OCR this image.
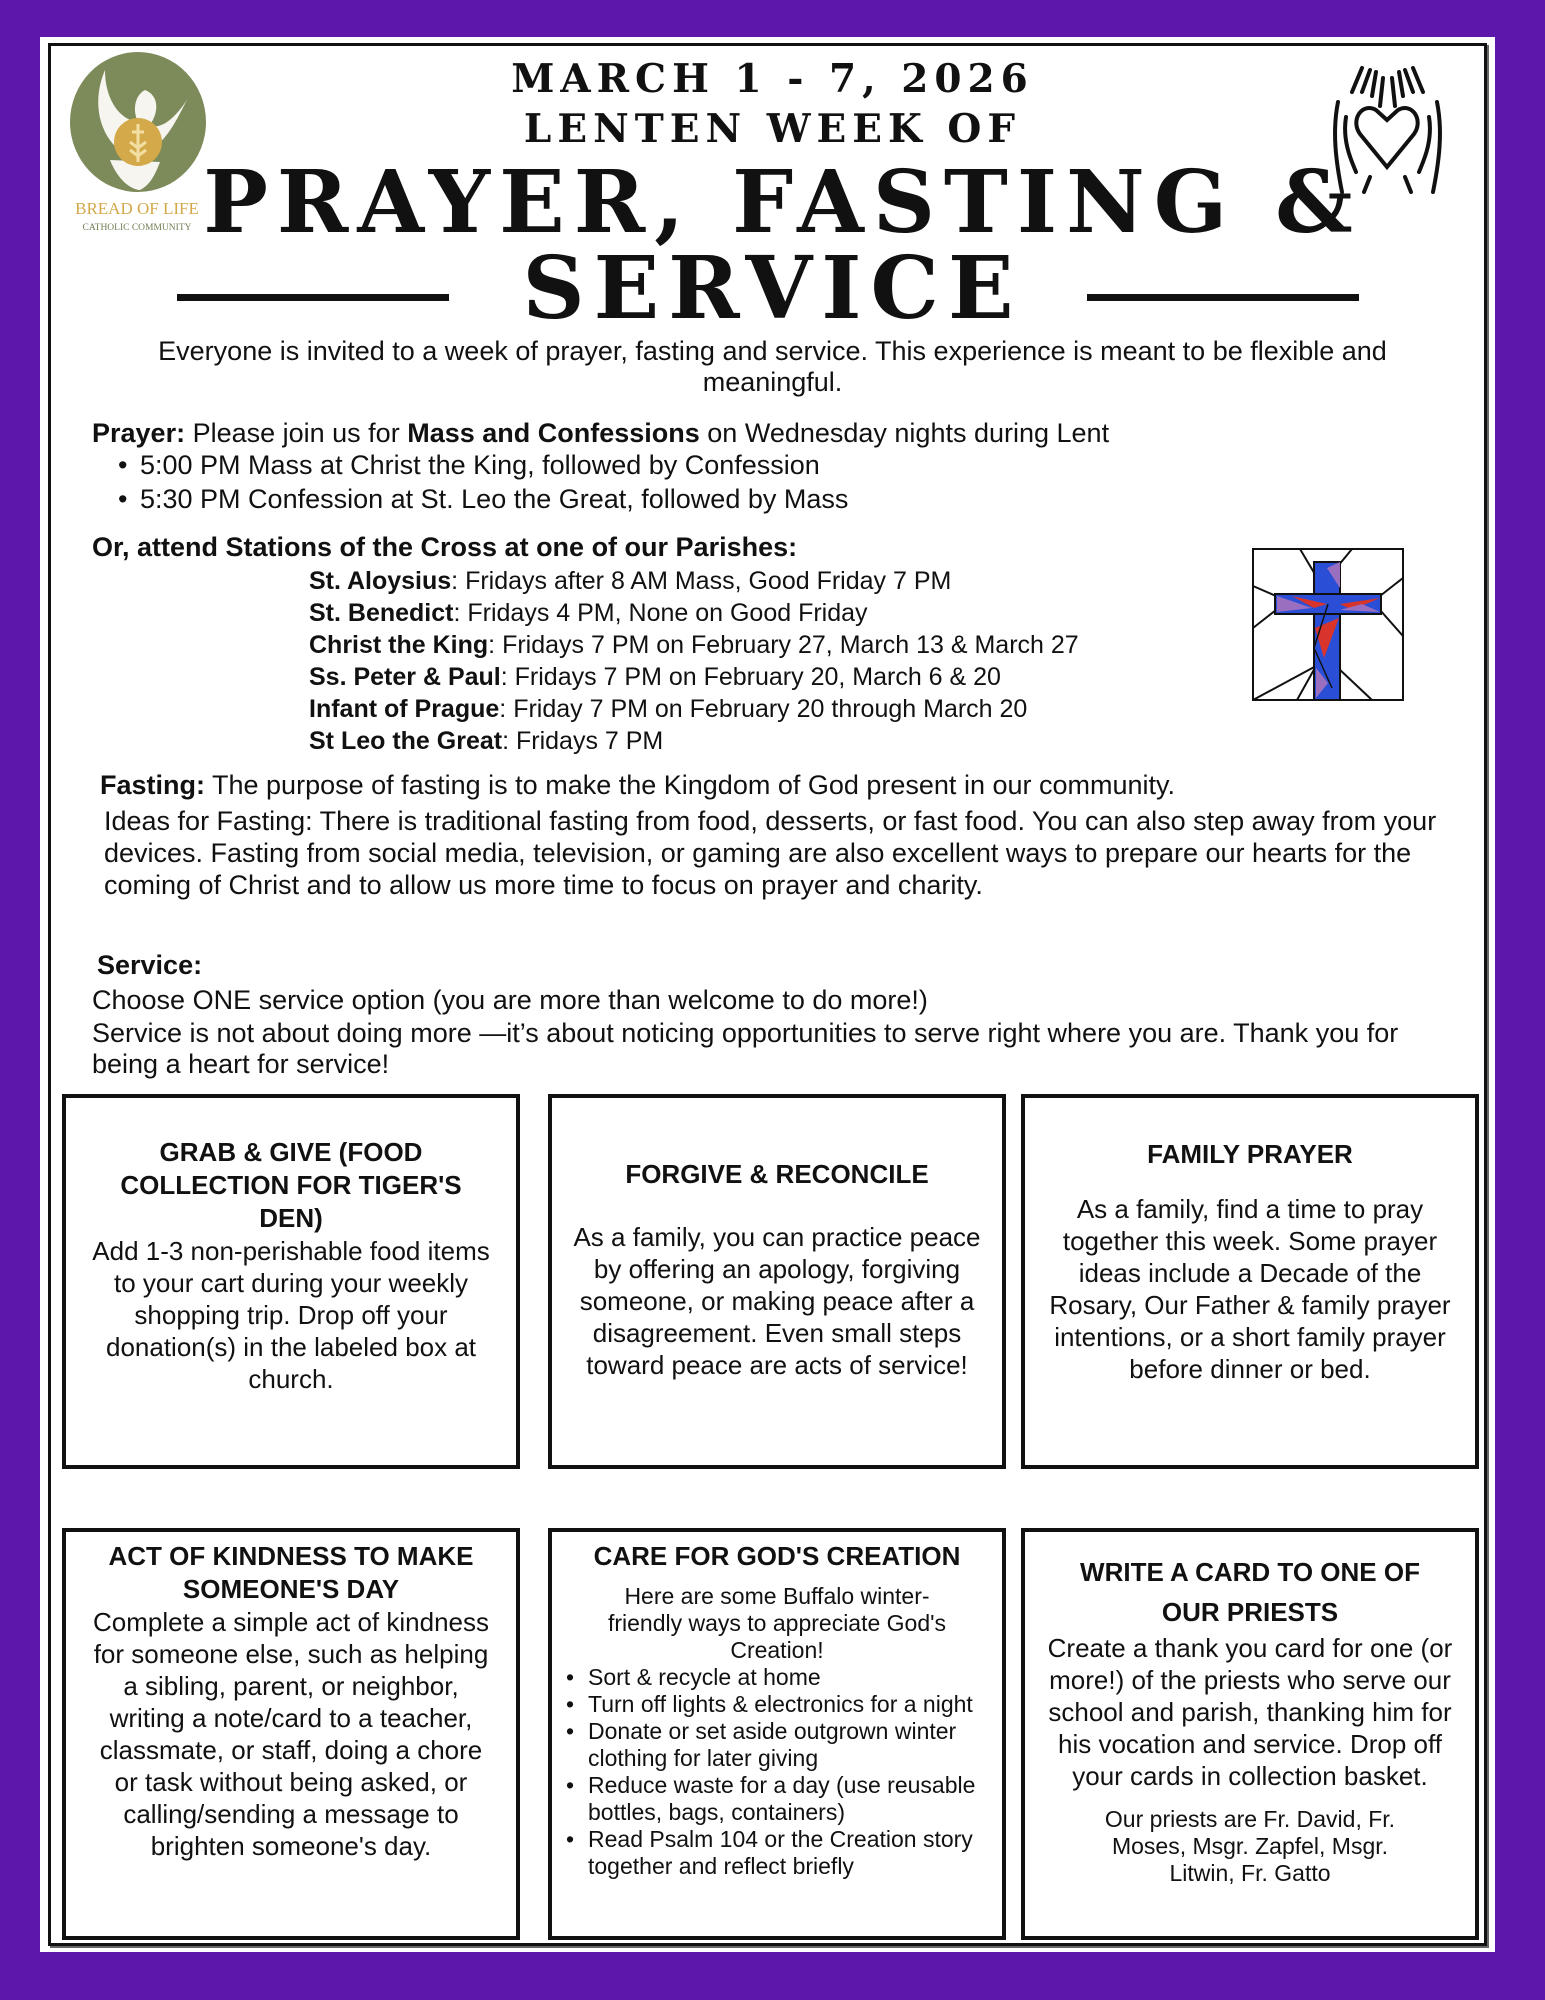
BREAD OF LIFE
CATHOLIC COMMUNITY
MARCH 1 - 7, 2026
LENTEN WEEK OF
PRAYER, FASTING &
SERVICE
Everyone is invited to a week of prayer, fasting and service. This experience is meant to be flexible and meaningful.
Prayer: Please join us for Mass and Confessions on Wednesday nights during Lent
• 5:00 PM Mass at Christ the King, followed by Confession
• 5:30 PM Confession at St. Leo the Great, followed by Mass
Or, attend Stations of the Cross at one of our Parishes:
St. Aloysius: Fridays after 8 AM Mass, Good Friday 7 PM
St. Benedict: Fridays 4 PM, None on Good Friday
Christ the King: Fridays 7 PM on February 27, March 13 & March 27
Ss. Peter & Paul: Fridays 7 PM on February 20, March 6 & 20
Infant of Prague: Friday 7 PM on February 20 through March 20
St Leo the Great: Fridays 7 PM
Fasting: The purpose of fasting is to make the Kingdom of God present in our community.
Ideas for Fasting: There is traditional fasting from food, desserts, or fast food. You can also step away from your devices. Fasting from social media, television, or gaming are also excellent ways to prepare our hearts for the coming of Christ and to allow us more time to focus on prayer and charity.
Service:
Choose ONE service option (you are more than welcome to do more!)
Service is not about doing more —it’s about noticing opportunities to serve right where you are. Thank you for being a heart for service!
GRAB & GIVE (FOOD COLLECTION FOR TIGER'S DEN)

Add 1-3 non-perishable food items to your cart during your weekly shopping trip. Drop off your donation(s) in the labeled box at church.

FORGIVE & RECONCILE

As a family, you can practice peace by offering an apology, forgiving someone, or making peace after a disagreement. Even small steps toward peace are acts of service!

FAMILY PRAYER

As a family, find a time to pray together this week. Some prayer ideas include a Decade of the Rosary, Our Father & family prayer intentions, or a short family prayer before dinner or bed.

ACT OF KINDNESS TO MAKE SOMEONE'S DAY

Complete a simple act of kindness for someone else, such as helping a sibling, parent, or neighbor, writing a note/card to a teacher, classmate, or staff, doing a chore or task without being asked, or calling/sending a message to brighten someone's day.

CARE FOR GOD'S CREATION

Here are some Buffalo winter-friendly ways to appreciate God's Creation!

• Sort & recycle at home
• Turn off lights & electronics for a night
• Donate or set aside outgrown winter clothing for later giving
• Reduce waste for a day (use reusable bottles, bags, containers)
• Read Psalm 104 or the Creation story together and reflect briefly
WRITE A CARD TO ONE OF OUR PRIESTS

Create a thank you card for one (or more!) of the priests who serve our school and parish, thanking him for his vocation and service. Drop off your cards in collection basket.

Our priests are Fr. David, Fr. Moses, Msgr. Zapfel, Msgr. Litwin, Fr. Gatto
